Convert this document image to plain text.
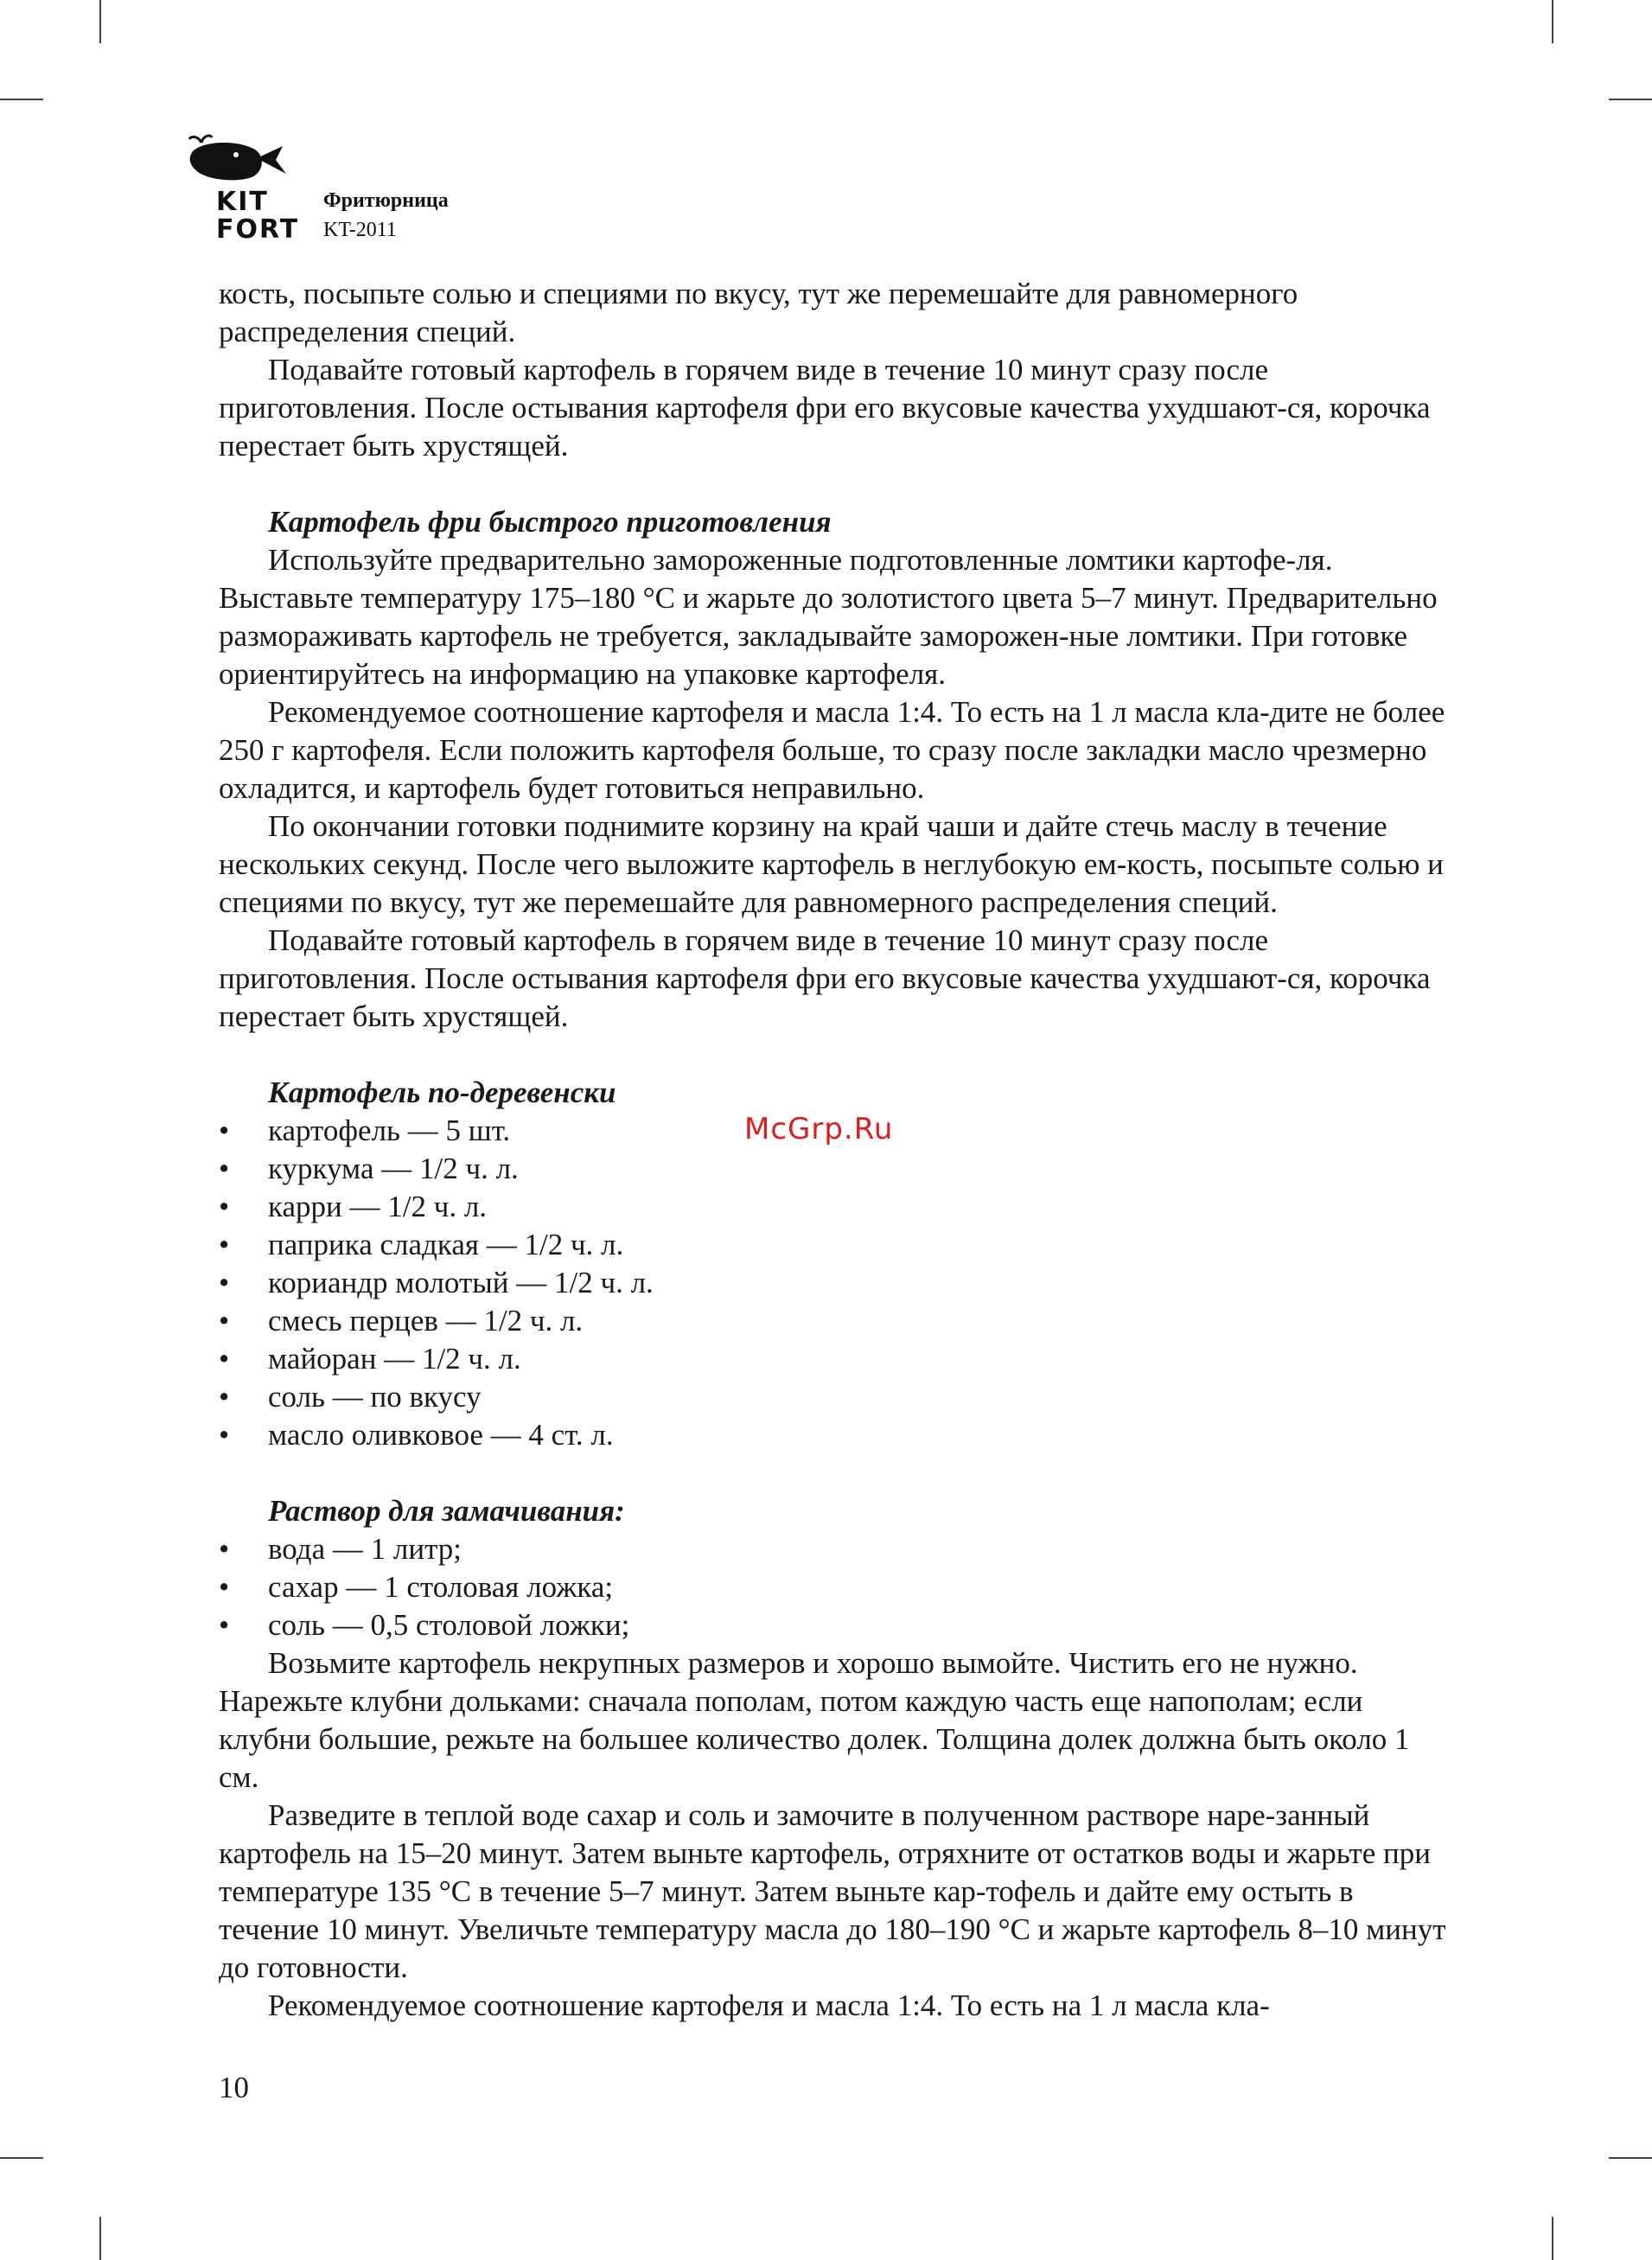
KIT
FORT
Фритюрница
KT-2011

кость, посыпьте солью и специями по вкусу, тут же перемешайте для равномерного распределения специй.

Подавайте готовый картофель в горячем виде в течение 10 минут сразу после приготовления. После остывания картофеля фри его вкусовые качества ухудшают-ся, корочка перестает быть хрустящей.

Картофель фри быстрого приготовления

Используйте предварительно замороженные подготовленные ломтики картофе-ля. Выставьте температуру 175–180 °С и жарьте до золотистого цвета 5–7 минут. Предварительно размораживать картофель не требуется, закладывайте заморожен-ные ломтики. При готовке ориентируйтесь на информацию на упаковке картофеля.

Рекомендуемое соотношение картофеля и масла 1:4. То есть на 1 л масла кла-дите не более 250 г картофеля. Если положить картофеля больше, то сразу после закладки масло чрезмерно охладится, и картофель будет готовиться неправильно.

По окончании готовки поднимите корзину на край чаши и дайте стечь маслу в течение нескольких секунд. После чего выложите картофель в неглубокую ем-кость, посыпьте солью и специями по вкусу, тут же перемешайте для равномерного распределения специй.

Подавайте готовый картофель в горячем виде в течение 10 минут сразу после приготовления. После остывания картофеля фри его вкусовые качества ухудшают-ся, корочка перестает быть хрустящей.

Картофель по-деревенски

•	картофель — 5 шт.
•	куркума — 1/2 ч. л.
•	карри — 1/2 ч. л.
•	паприка сладкая — 1/2 ч. л.
•	кориандр молотый — 1/2 ч. л.
•	смесь перцев — 1/2 ч. л.
•	майоран — 1/2 ч. л.
•	соль — по вкусу
•	масло оливковое — 4 ст. л.

Раствор для замачивания:

•	вода — 1 литр;
•	сахар — 1 столовая ложка;
•	соль — 0,5 столовой ложки;

Возьмите картофель некрупных размеров и хорошо вымойте. Чистить его не нужно. Нарежьте клубни дольками: сначала пополам, потом каждую часть еще напополам; если клубни большие, режьте на большее количество долек. Толщина долек должна быть около 1 см.

Разведите в теплой воде сахар и соль и замочите в полученном растворе наре-занный картофель на 15–20 минут. Затем выньте картофель, отряхните от остатков воды и жарьте при температуре 135 °С в течение 5–7 минут. Затем выньте кар-тофель и дайте ему остыть в течение 10 минут. Увеличьте температуру масла до 180–190 °С и жарьте картофель 8–10 минут до готовности.

Рекомендуемое соотношение картофеля и масла 1:4. То есть на 1 л масла кла-

McGrp.Ru
10
